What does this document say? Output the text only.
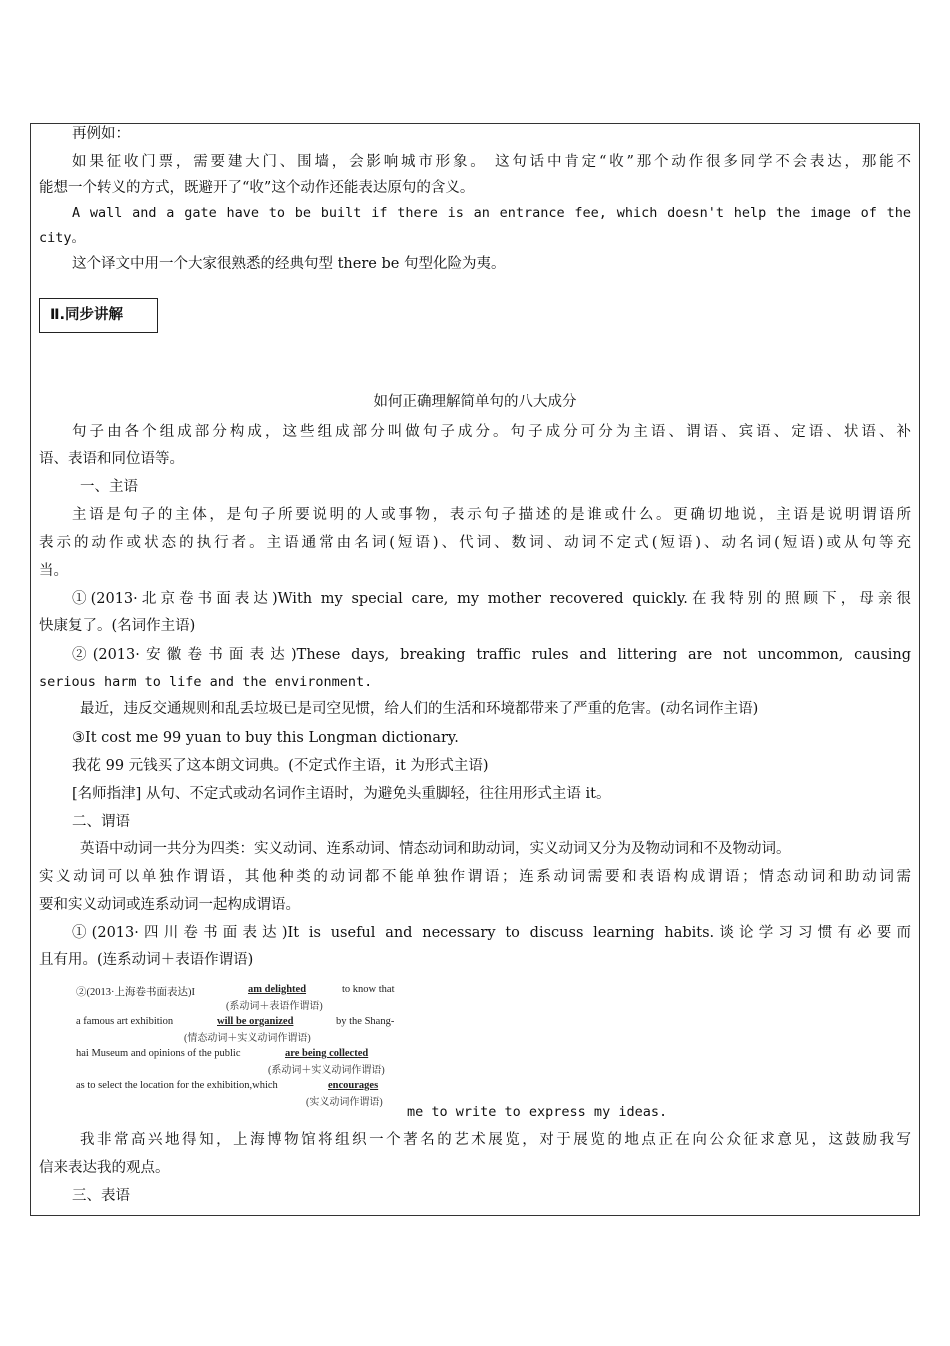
再例如：
如果征收门票，需要建大门、围墙，会影响城市形象。 这句话中肯定“收”那个动作很多同学不会表达，那能不
能想一个转义的方式，既避开了“收”这个动作还能表达原句的含义。
A wall and a gate have to be built if there is an entrance fee, which doesn't help the image of the
city。
这个译文中用一个大家很熟悉的经典句型 there be 句型化险为夷。
Ⅱ.同步讲解
如何正确理解简单句的八大成分
句子由各个组成部分构成，这些组成部分叫做句子成分。句子成分可分为主语、谓语、宾语、定语、状语、补
语、表语和同位语等。
一、主语
主语是句子的主体，是句子所要说明的人或事物，表示句子描述的是谁或什么。更确切地说，主语是说明谓语所
表示的动作或状态的执行者。主语通常由名词(短语)、代词、数词、动词不定式(短语)、动名词(短语)或从句等充
当。
①(2013·北京卷书面表达)With my special care, my mother recovered quickly.在我特别的照顾下，母亲很
快康复了。(名词作主语)
②(2013·安徽卷书面表达)These days, breaking traffic rules and littering are not uncommon, causing
serious harm to life and the environment.
最近，违反交通规则和乱丢垃圾已是司空见惯，给人们的生活和环境都带来了严重的危害。(动名词作主语)
③It cost me 99 yuan to buy this Longman dictionary.
我花 99 元钱买了这本朗文词典。(不定式作主语，it 为形式主语)
[名师指津] 从句、不定式或动名词作主语时，为避免头重脚轻，往往用形式主语 it。
二、谓语
英语中动词一共分为四类：实义动词、连系动词、情态动词和助动词，实义动词又分为及物动词和不及物动词。
实义动词可以单独作谓语，其他种类的动词都不能单独作谓语；连系动词需要和表语构成谓语；情态动词和助动词需
要和实义动词或连系动词一起构成谓语。
①(2013·四川卷书面表达)It is useful and necessary to discuss learning habits.谈论学习习惯有必要而
且有用。(连系动词＋表语作谓语)
②(2013·上海卷书面表达)I	am delighted	to know that
(系动词＋表语作谓语)
a famous art exhibition	will be organized	by the Shang-
(情态动词＋实义动词作谓语)
hai Museum and opinions of the public	are being collected
(系动词＋实义动词作谓语)
as to select the location for the exhibition,which	encourages
(实义动词作谓语)
me to write to express my ideas.
我非常高兴地得知，上海博物馆将组织一个著名的艺术展览，对于展览的地点正在向公众征求意见，这鼓励我写
信来表达我的观点。
三、表语
